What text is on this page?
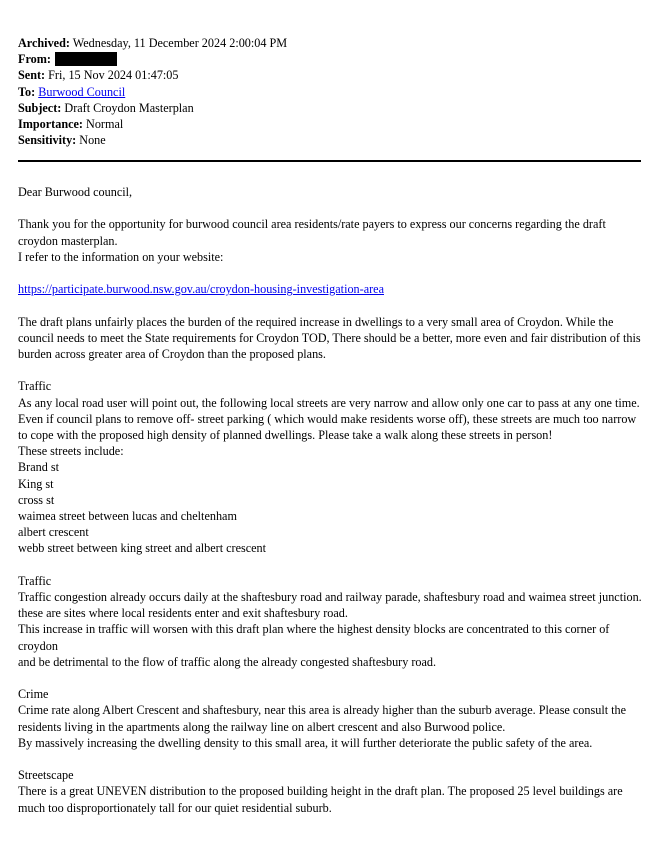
Archived: Wednesday, 11 December 2024 2:00:04 PM
From:
Sent: Fri, 15 Nov 2024 01:47:05
To: Burwood Council
Subject: Draft Croydon Masterplan
Importance: Normal
Sensitivity: None

Dear Burwood council,

Thank you for the opportunity for burwood council area residents/rate payers to express our concerns regarding the draft

croydon masterplan.

I refer to the information on your website:

https://participate.burwood.nsw.gov.au/croydon-housing-investigation-area

The draft plans unfairly places the burden of the required increase in dwellings to a very small area of Croydon. While the

council needs to meet the State requirements for Croydon TOD, There should be a better, more even and fair distribution of this

burden across greater area of Croydon than the proposed plans.

Traffic

As any local road user will point out, the following local streets are very narrow and allow only one car to pass at any one time.

Even if council plans to remove off- street parking ( which would make residents worse off), these streets are much too narrow

to cope with the proposed high density of planned dwellings. Please take a walk along these streets in person!

These streets include:

Brand st

King st

cross st

waimea street between lucas and cheltenham

albert crescent

webb street between king street and albert crescent

Traffic

Traffic congestion already occurs daily at the shaftesbury road and railway parade, shaftesbury road and waimea street junction.

these are sites where local residents enter and exit shaftesbury road.

This increase in traffic will worsen with this draft plan where the highest density blocks are concentrated to this corner of croydon

and be detrimental to the flow of traffic along the already congested shaftesbury road.

Crime

Crime rate along Albert Crescent and shaftesbury, near this area is already higher than the suburb average. Please consult the

residents living in the apartments along the railway line on albert crescent and also Burwood police.

By massively increasing the dwelling density to this small area, it will further deteriorate the public safety of the area.

Streetscape

There is a great UNEVEN distribution to the proposed building height in the draft plan. The proposed 25 level buildings are

much too disproportionately tall for our quiet residential suburb.
